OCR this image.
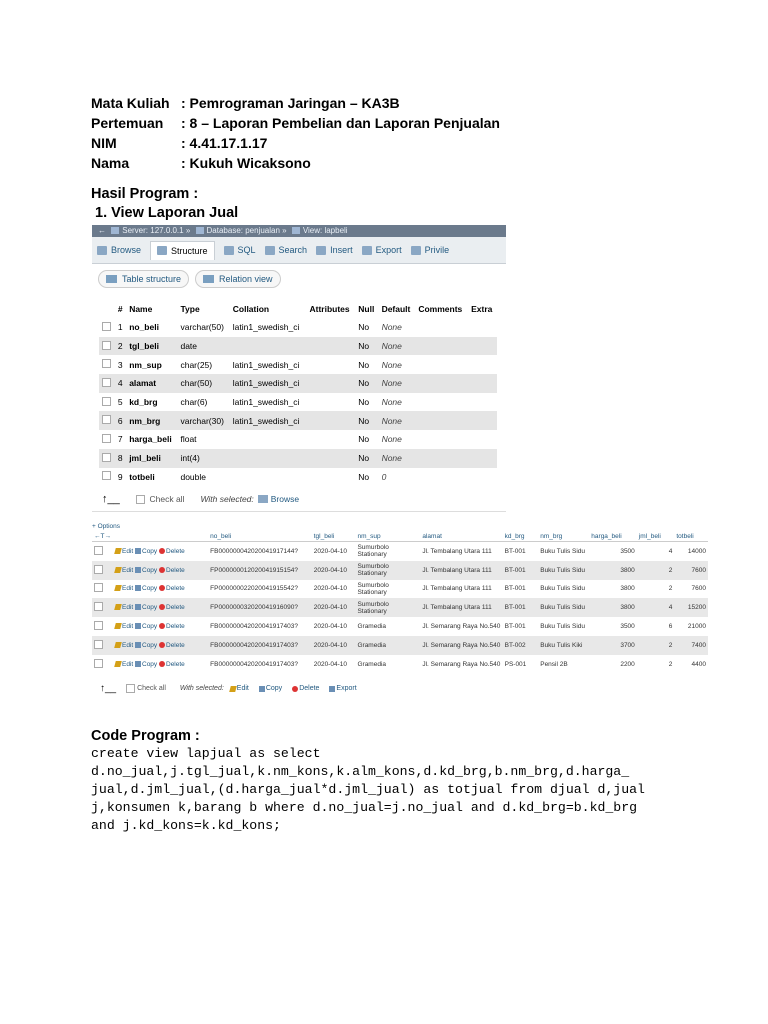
Mata Kuliah : Pemrograman Jaringan – KA3B
Pertemuan	: 8 – Laporan Pembelian dan Laporan Penjualan
NIM	: 4.41.17.1.17
Nama	: Kukuh Wicaksono
Hasil Program :
1. View Laporan Jual
← Server: 127.0.0.1 » Database: penjualan » View: lapbeli
Browse	Structure	SQL	Search	Insert	Export	Privile
Table structure	Relation view
	#	Name	Type	Collation	Attributes	Null	Default	Comments	Extra
	1	no_beli	varchar(50)	latin1_swedish_ci		No	None		
	2	tgl_beli	date			No	None		
	3	nm_sup	char(25)	latin1_swedish_ci		No	None		
	4	alamat	char(50)	latin1_swedish_ci		No	None		
	5	kd_brg	char(6)	latin1_swedish_ci		No	None		
	6	nm_brg	varchar(30)	latin1_swedish_ci		No	None		
	7	harga_beli	float			No	None		
	8	jml_beli	int(4)			No	None		
	9	totbeli	double			No	0		
↑__
	Check all With selected: Browse
+ Options
←T→		no_beli	tgl_beli	nm_sup	alamat	kd_brg	nm_brg	harga_beli	jml_beli	totbeli
	Edit Copy Delete	FB000000042020041917144?	2020-04-10	Sumurbolo Stationary	Jl. Tembalang Utara 111	BT-001	Buku Tulis Sidu	3500	4	14000
	Edit Copy Delete	FP000000012020041915154?	2020-04-10	Sumurbolo Stationary	Jl. Tembalang Utara 111	BT-001	Buku Tulis Sidu	3800	2	7600
	Edit Copy Delete	FP000000022020041915542?	2020-04-10	Sumurbolo Stationary	Jl. Tembalang Utara 111	BT-001	Buku Tulis Sidu	3800	2	7600
	Edit Copy Delete	FP000000032020041916090?	2020-04-10	Sumurbolo Stationary	Jl. Tembalang Utara 111	BT-001	Buku Tulis Sidu	3800	4	15200
	Edit Copy Delete	FB000000042020041917403?	2020-04-10	Gramedia	Jl. Semarang Raya No.540	BT-001	Buku Tulis Sidu	3500	6	21000
	Edit Copy Delete	FB000000042020041917403?	2020-04-10	Gramedia	Jl. Semarang Raya No.540	BT-002	Buku Tulis Kiki	3700	2	7400
	Edit Copy Delete	FB000000042020041917403?	2020-04-10	Gramedia	Jl. Semarang Raya No.540	PS-001	Pensil 2B	2200	2	4400
↑__
	Check all With selected: Edit Copy Delete Export
Code Program :
create view lapjual as select
d.no_jual,j.tgl_jual,k.nm_kons,k.alm_kons,d.kd_brg,b.nm_brg,d.harga_
jual,d.jml_jual,(d.harga_jual*d.jml_jual) as totjual from djual d,jual
j,konsumen k,barang b where d.no_jual=j.no_jual and d.kd_brg=b.kd_brg
and j.kd_kons=k.kd_kons;
